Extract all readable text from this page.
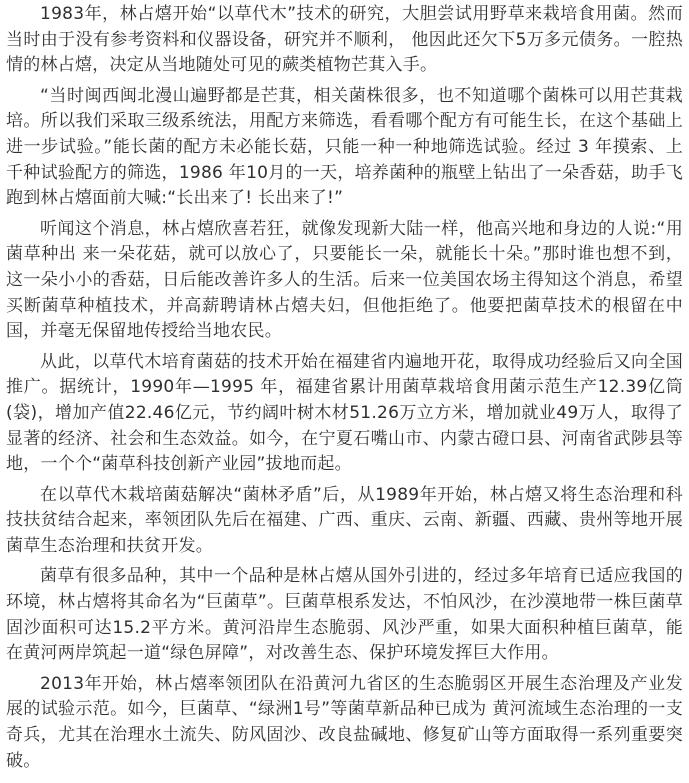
1983年，林占熺开始“以草代木”技术的研究，大胆尝试用野草来栽培食用菌。然而当时由于没有参考资料和仪器设备，研究并不顺利， 他因此还欠下5万多元债务。一腔热情的林占熺，决定从当地随处可见的蕨类植物芒萁入手。

“当时闽西闽北漫山遍野都是芒萁，相关菌株很多，也不知道哪个菌株可以用芒萁栽培。所以我们采取三级系统法，用配方来筛选，看看哪个配方有可能生长，在这个基础上进一步试验。”能长菌的配方未必能长菇，只能一种一种地筛选试验。经过 3 年摸索、上千种试验配方的筛选，1986 年10月的一天，培养菌种的瓶壁上钻出了一朵香菇，助手飞跑到林占熺面前大喊:“长出来了! 长出来了!”

听闻这个消息，林占熺欣喜若狂，就像发现新大陆一样，他高兴地和身边的人说:“用菌草种出 来一朵花菇，就可以放心了，只要能长一朵，就能长十朵。”那时谁也想不到，这一朵小小的香菇，日后能改善许多人的生活。后来一位美国农场主得知这个消息，希望买断菌草种植技术，并高薪聘请林占熺夫妇，但他拒绝了。他要把菌草技术的根留在中国，并毫无保留地传授给当地农民。

从此，以草代木培育菌菇的技术开始在福建省内遍地开花，取得成功经验后又向全国推广。据统计，1990年—1995 年，福建省累计用菌草栽培食用菌示范生产12.39亿筒(袋)，增加产值22.46亿元，节约阔叶树木材51.26万立方米，增加就业49万人，取得了显著的经济、社会和生态效益。如今，在宁夏石嘴山市、内蒙古磴口县、河南省武陟县等地，一个个“菌草科技创新产业园”拔地而起。

在以草代木栽培菌菇解决“菌林矛盾”后，从1989年开始，林占熺又将生态治理和科技扶贫结合起来，率领团队先后在福建、广西、重庆、云南、新疆、西藏、贵州等地开展菌草生态治理和扶贫开发。

菌草有很多品种，其中一个品种是林占熺从国外引进的，经过多年培育已适应我国的环境，林占熺将其命名为“巨菌草”。巨菌草根系发达，不怕风沙，在沙漠地带一株巨菌草固沙面积可达15.2平方米。黄河沿岸生态脆弱、风沙严重，如果大面积种植巨菌草，能在黄河两岸筑起一道“绿色屏障”，对改善生态、保护环境发挥巨大作用。

2013年开始，林占熺率领团队在沿黄河九省区的生态脆弱区开展生态治理及产业发展的试验示范。如今，巨菌草、“绿洲1号”等菌草新品种已成为 黄河流域生态治理的一支奇兵，尤其在治理水土流失、防风固沙、改良盐碱地、修复矿山等方面取得一系列重要突破。
